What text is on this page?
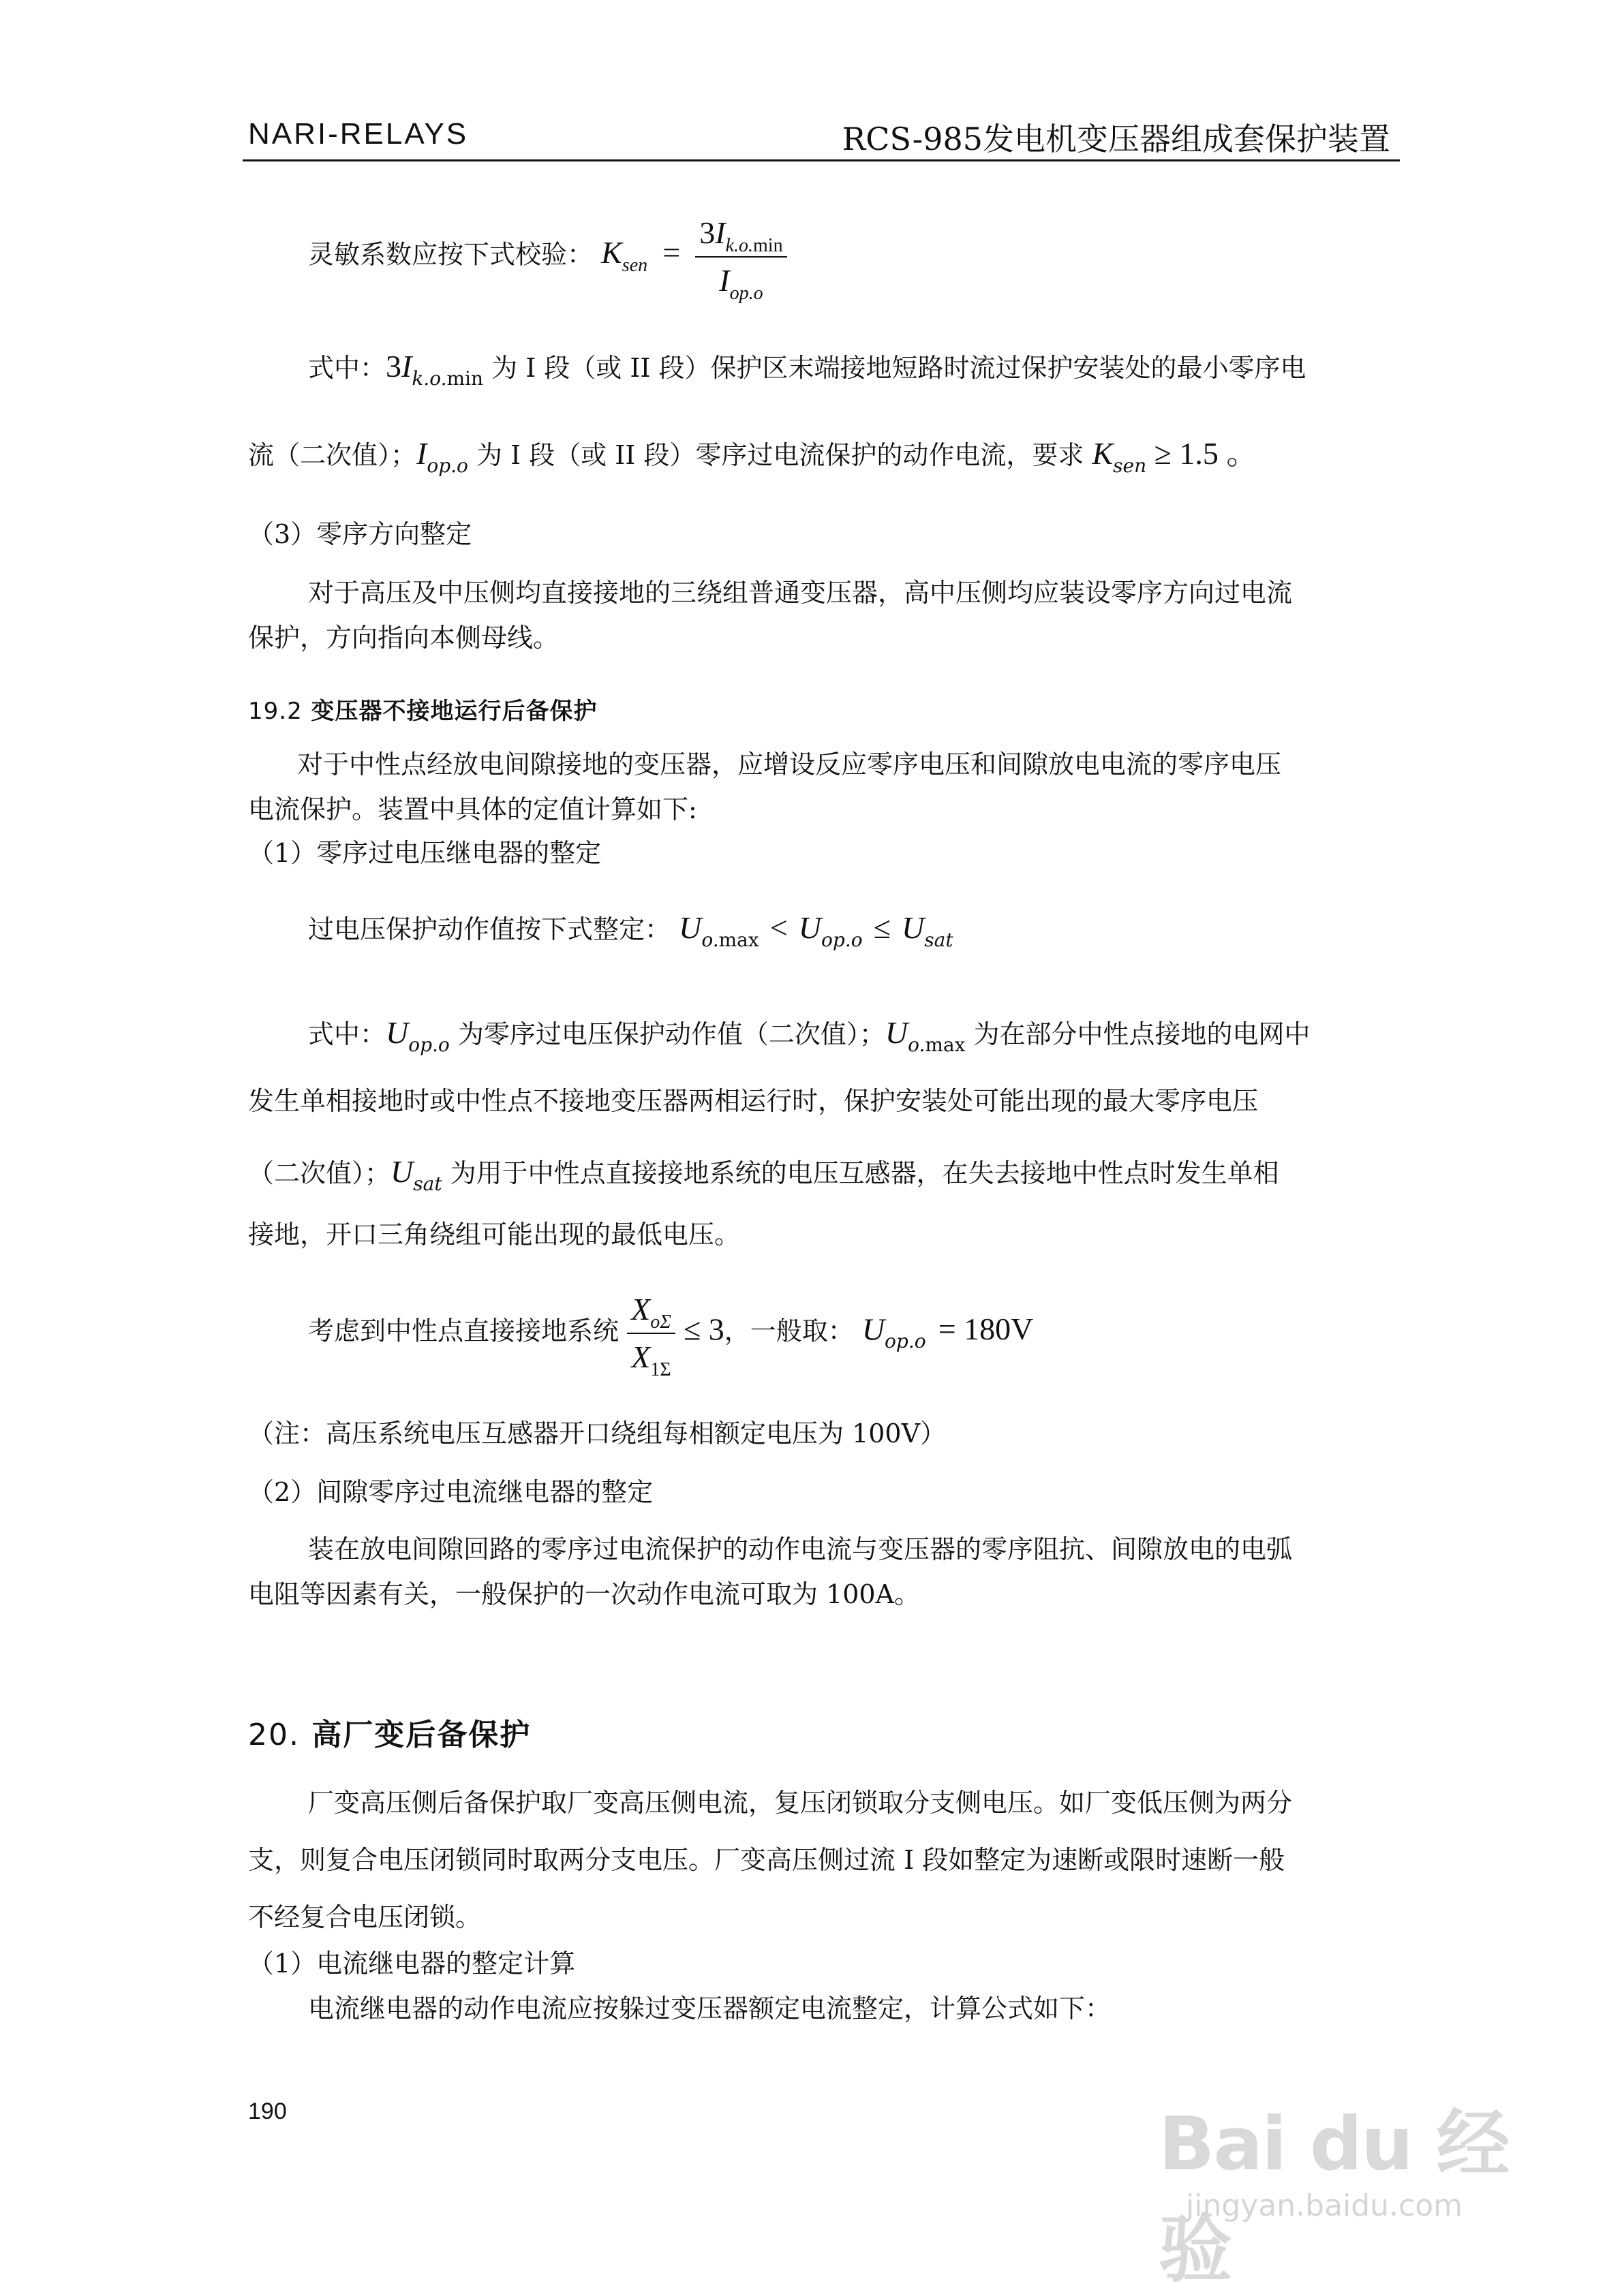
NARI-RELAYS	RCS-985发电机变压器组成套保护装置
灵敏系数应按下式校验： $K_{sen} = \frac{3I_{k.o.min}}{I_{op.o}}$
式中：$3I_{k.o.min}$ 为 I 段（或 II 段）保护区末端接地短路时流过保护安装处的最小零序电
流（二次值）；$I_{op.o}$ 为 I 段（或 II 段）零序过电流保护的动作电流，要求 $K_{sen} \ge 1.5$ 。
（3）零序方向整定
对于高压及中压侧均直接接地的三绕组普通变压器，高中压侧均应装设零序方向过电流
保护，方向指向本侧母线。
19.2 变压器不接地运行后备保护
对于中性点经放电间隙接地的变压器，应增设反应零序电压和间隙放电电流的零序电压
电流保护。装置中具体的定值计算如下:
（1）零序过电压继电器的整定
过电压保护动作值按下式整定： $U_{o.max} < U_{op.o} \le U_{sat}$
式中：$U_{op.o}$ 为零序过电压保护动作值（二次值）；$U_{o.max}$ 为在部分中性点接地的电网中
发生单相接地时或中性点不接地变压器两相运行时，保护安装处可能出现的最大零序电压
（二次值）；$U_{sat}$ 为用于中性点直接接地系统的电压互感器，在失去接地中性点时发生单相
接地，开口三角绕组可能出现的最低电压。
考虑到中性点直接接地系统 $\frac{X_{o\Sigma}}{X_{1\Sigma}} \le 3$，一般取： $U_{op.o} = 180V$
（注：高压系统电压互感器开口绕组每相额定电压为 100V）
（2）间隙零序过电流继电器的整定
装在放电间隙回路的零序过电流保护的动作电流与变压器的零序阻抗、间隙放电的电弧
电阻等因素有关，一般保护的一次动作电流可取为 100A。
20. 高厂变后备保护
厂变高压侧后备保护取厂变高压侧电流，复压闭锁取分支侧电压。如厂变低压侧为两分
支，则复合电压闭锁同时取两分支电压。厂变高压侧过流 I 段如整定为速断或限时速断一般
不经复合电压闭锁。
（1）电流继电器的整定计算
电流继电器的动作电流应按躲过变压器额定电流整定，计算公式如下：
190	Bai du 经验
jingyan.baidu.com
